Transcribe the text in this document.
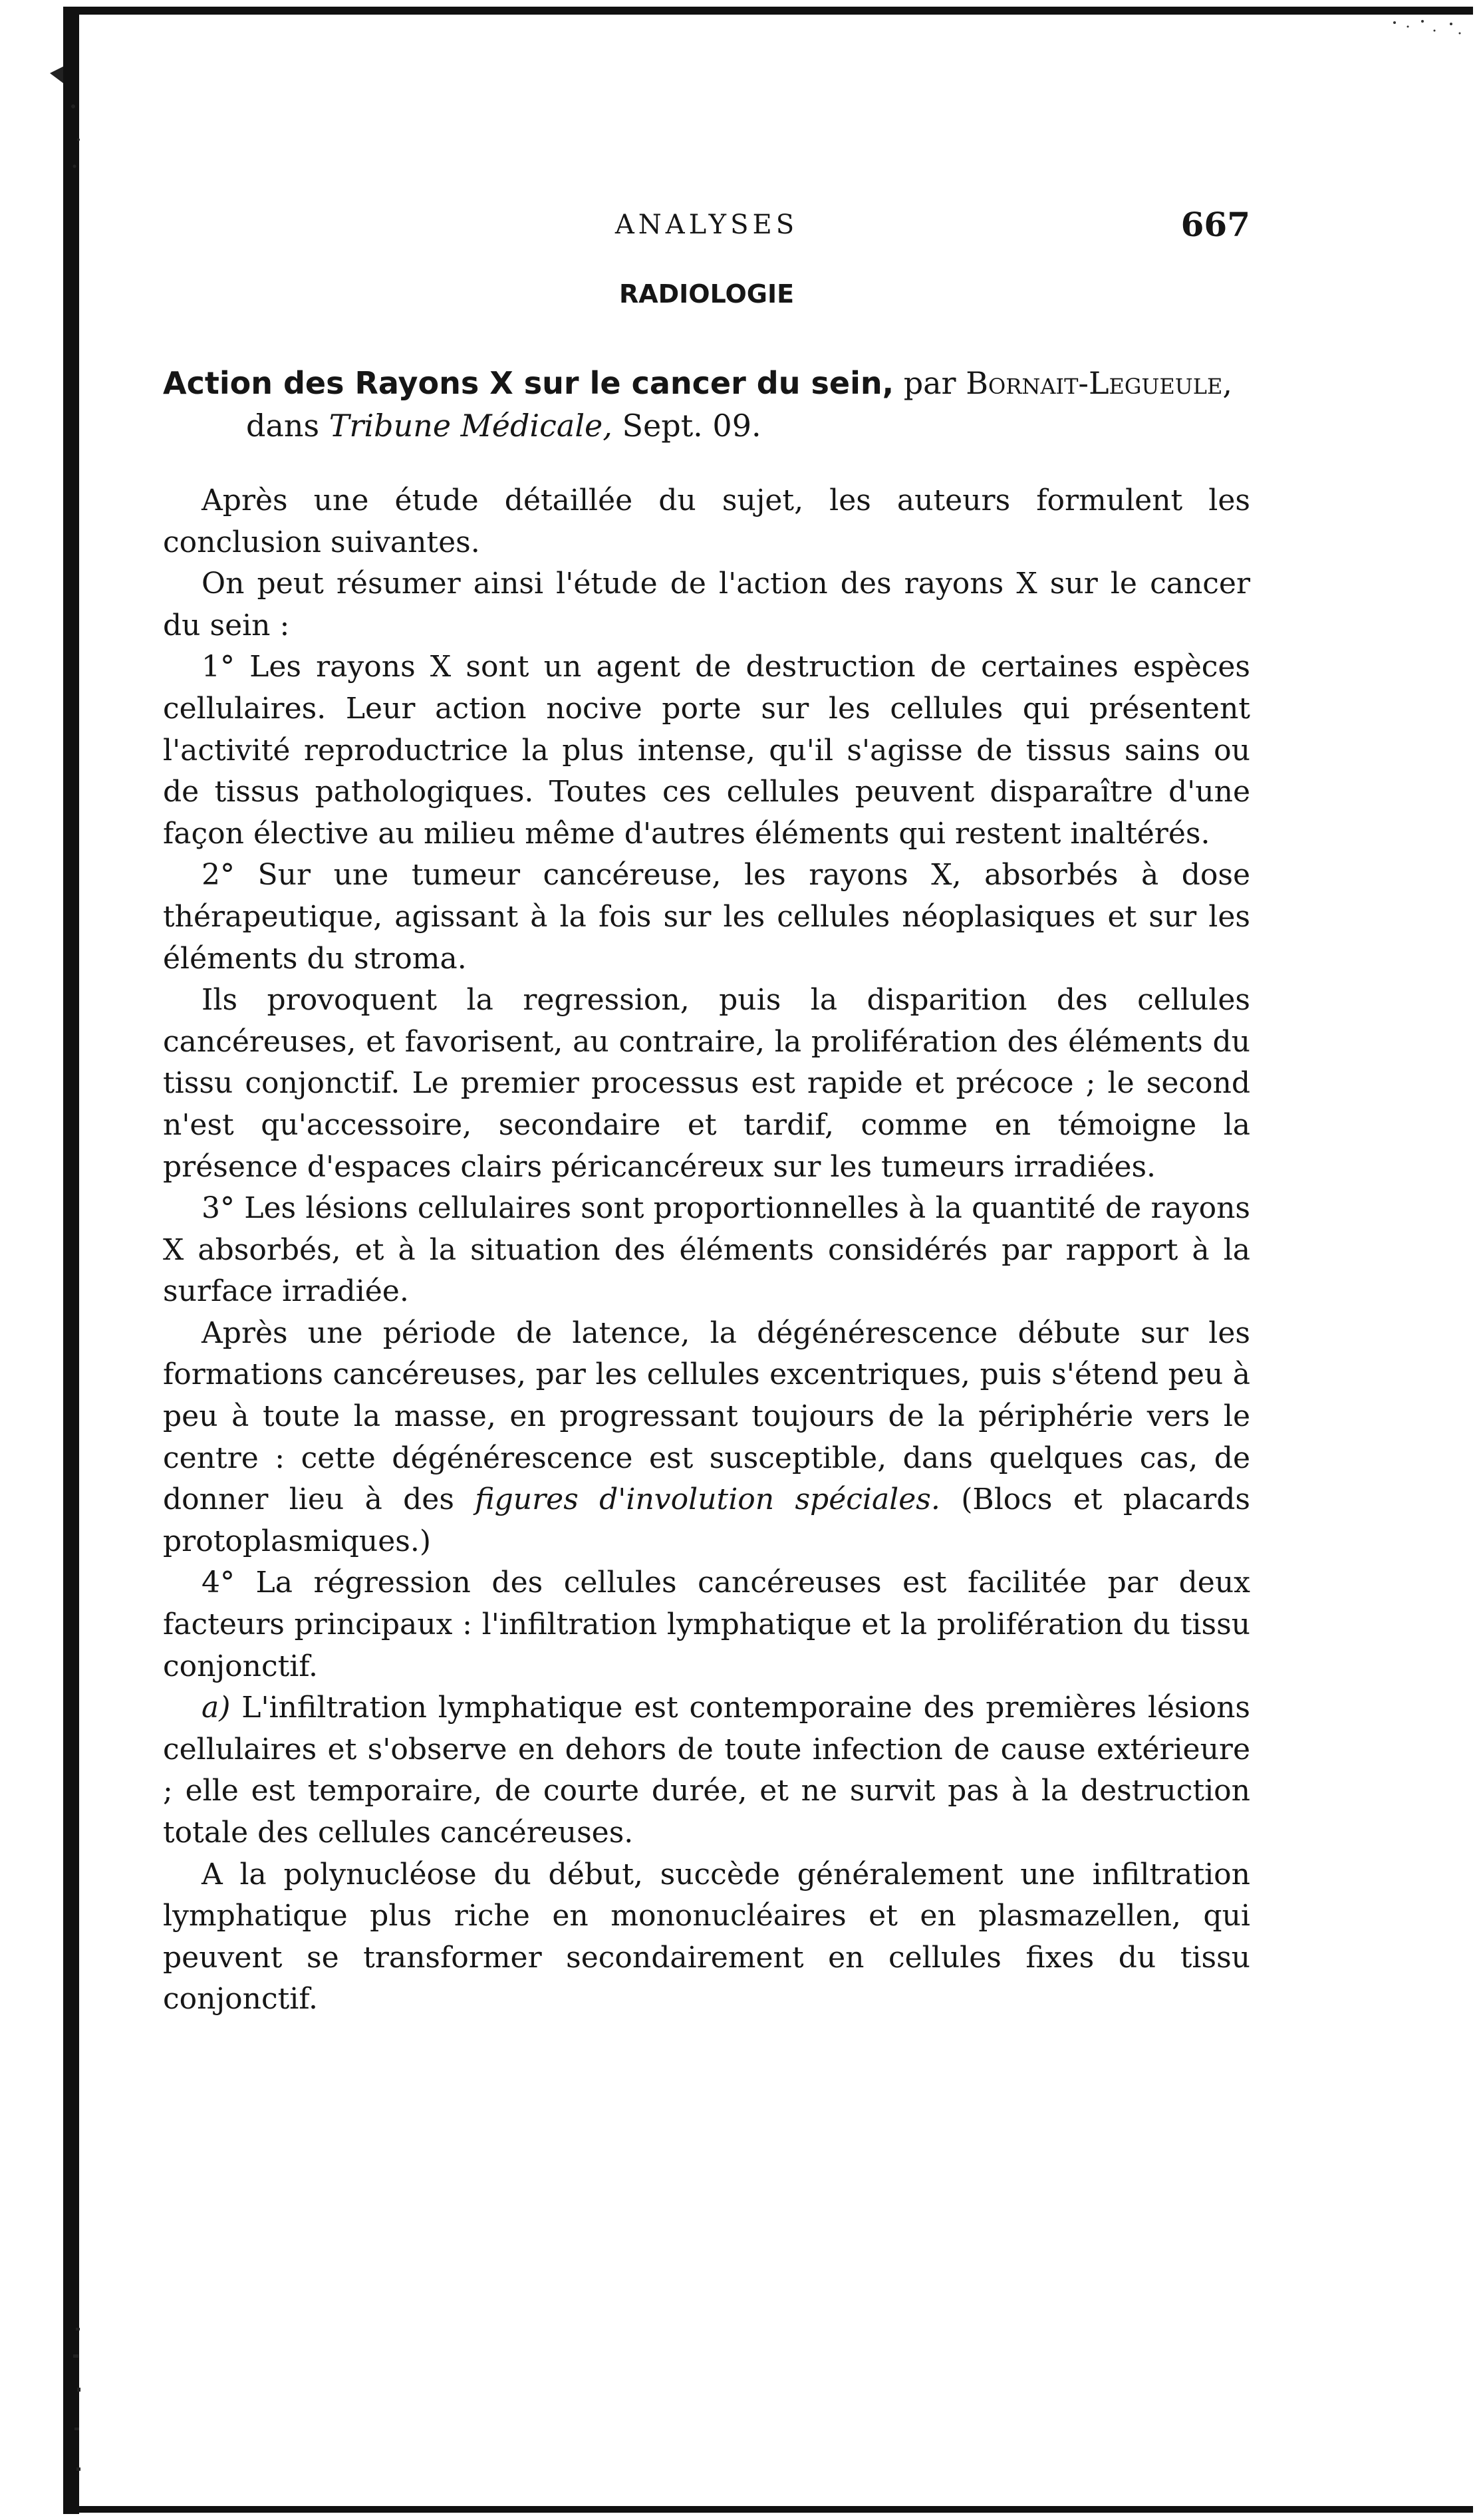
ANALYSES	667
RADIOLOGIE
Action des Rayons X sur le cancer du sein, par Bornait-Legueule,
dans Tribune Médicale, Sept. 09.

Après une étude détaillée du sujet, les auteurs formulent les conclusion suivantes.

On peut résumer ainsi l'étude de l'action des rayons X sur le cancer du sein :

1° Les rayons X sont un agent de destruction de certaines espèces cellulaires. Leur action nocive porte sur les cellules qui présentent l'activité reproductrice la plus intense, qu'il s'agisse de tissus sains ou de tissus pathologiques. Toutes ces cellules peuvent disparaître d'une façon élective au milieu même d'autres éléments qui restent inaltérés.

2° Sur une tumeur cancéreuse, les rayons X, absorbés à dose thérapeutique, agissant à la fois sur les cellules néoplasiques et sur les éléments du stroma.

Ils provoquent la regression, puis la disparition des cellules cancéreuses, et favorisent, au contraire, la prolifération des éléments du tissu conjonctif. Le premier processus est rapide et précoce ; le second n'est qu'accessoire, secondaire et tardif, comme en témoigne la présence d'espaces clairs péricancéreux sur les tumeurs irradiées.

3° Les lésions cellulaires sont proportionnelles à la quantité de rayons X absorbés, et à la situation des éléments considérés par rapport à la surface irradiée.

Après une période de latence, la dégénérescence débute sur les formations cancéreuses, par les cellules excentriques, puis s'étend peu à peu à toute la masse, en progressant toujours de la périphérie vers le centre : cette dégénérescence est susceptible, dans quelques cas, de donner lieu à des figures d'involution spéciales. (Blocs et placards protoplasmiques.)

4° La régression des cellules cancéreuses est facilitée par deux facteurs principaux : l'infiltration lymphatique et la prolifération du tissu conjonctif.

a) L'infiltration lymphatique est contemporaine des premières lésions cellulaires et s'observe en dehors de toute infection de cause extérieure ; elle est temporaire, de courte durée, et ne survit pas à la destruction totale des cellules cancéreuses.

A la polynucléose du début, succède généralement une infiltration lymphatique plus riche en mononucléaires et en plasmazellen, qui peuvent se transformer secondairement en cellules fixes du tissu conjonctif.
